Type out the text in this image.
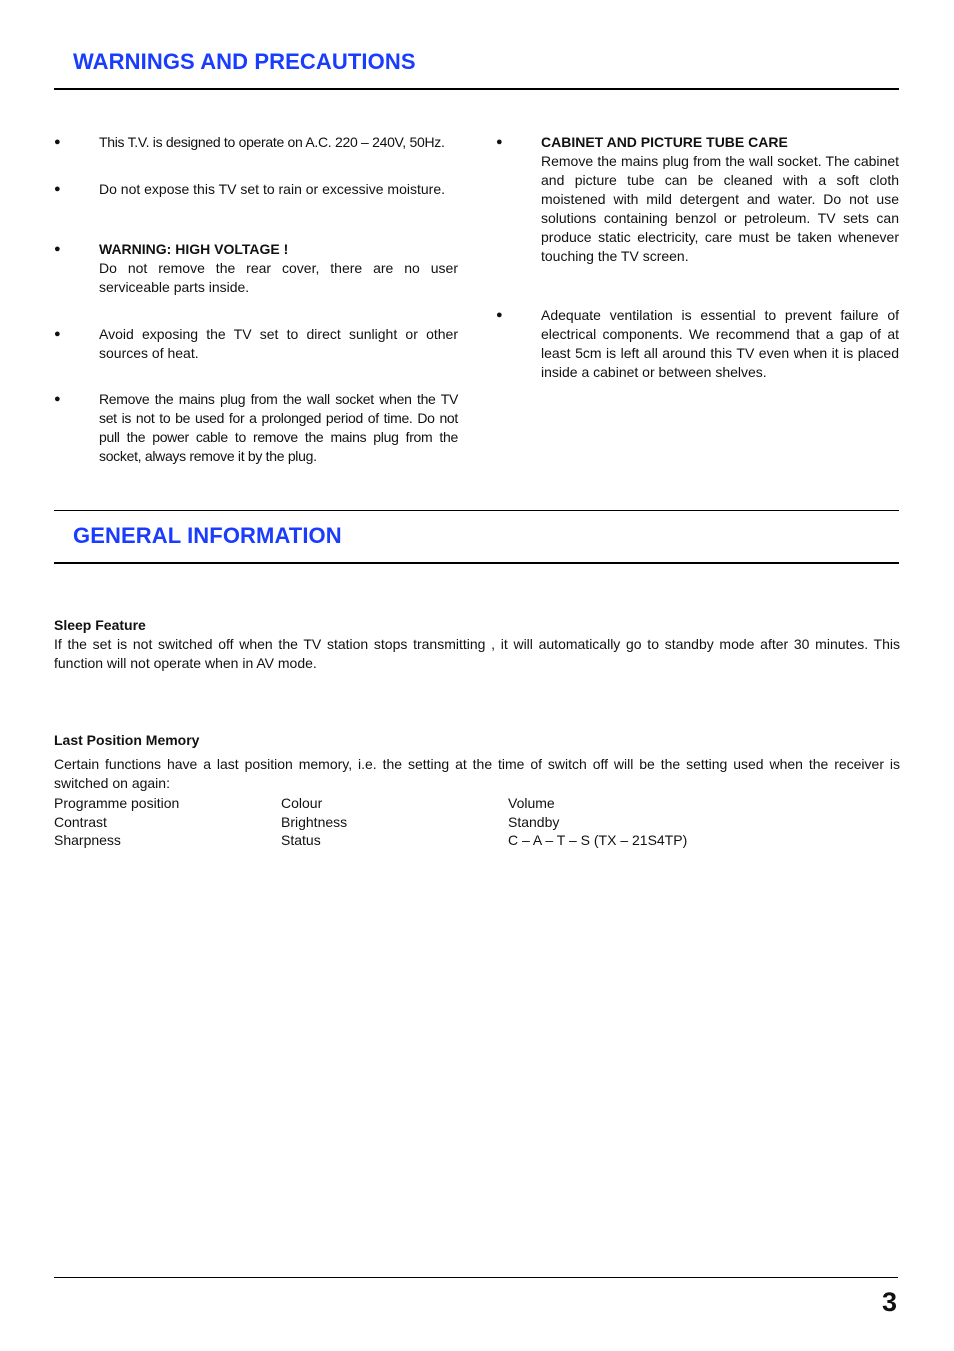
WARNINGS AND PRECAUTIONS
●	This T.V. is designed to operate on A.C. 220 – 240V, 50Hz.
●	Do not expose this TV set to rain or excessive moisture.
●	WARNING: HIGH VOLTAGE !
Do not remove the rear cover, there are no user serviceable parts inside.
●	Avoid exposing the TV set to direct sunlight or other sources of heat.
●	Remove the mains plug from the wall socket when the TV set is not to be used for a prolonged period of time. Do not pull the power cable to remove the mains plug from the socket, always remove it by the plug.
●	CABINET AND PICTURE TUBE CARE
Remove the mains plug from the wall socket. The cabinet and picture tube can be cleaned with a soft cloth moistened with mild detergent and water. Do not use solutions containing benzol or petroleum. TV sets can produce static electricity, care must be taken whenever touching the TV screen.
●	Adequate ventilation is essential to prevent failure of electrical components. We recommend that a gap of at least 5cm is left all around this TV even when it is placed inside a cabinet or between shelves.
GENERAL INFORMATION
Sleep Feature
If the set is not switched off when the TV station stops transmitting , it will automatically go to standby mode after 30 minutes. This function will not operate when in AV mode.
Last Position Memory
Certain functions have a last position memory, i.e. the setting at the time of switch off will be the setting used when the receiver is switched on again:
Programme position	Colour	Volume
Contrast	Brightness	Standby
Sharpness	Status	C – A – T – S (TX – 21S4TP)
3
